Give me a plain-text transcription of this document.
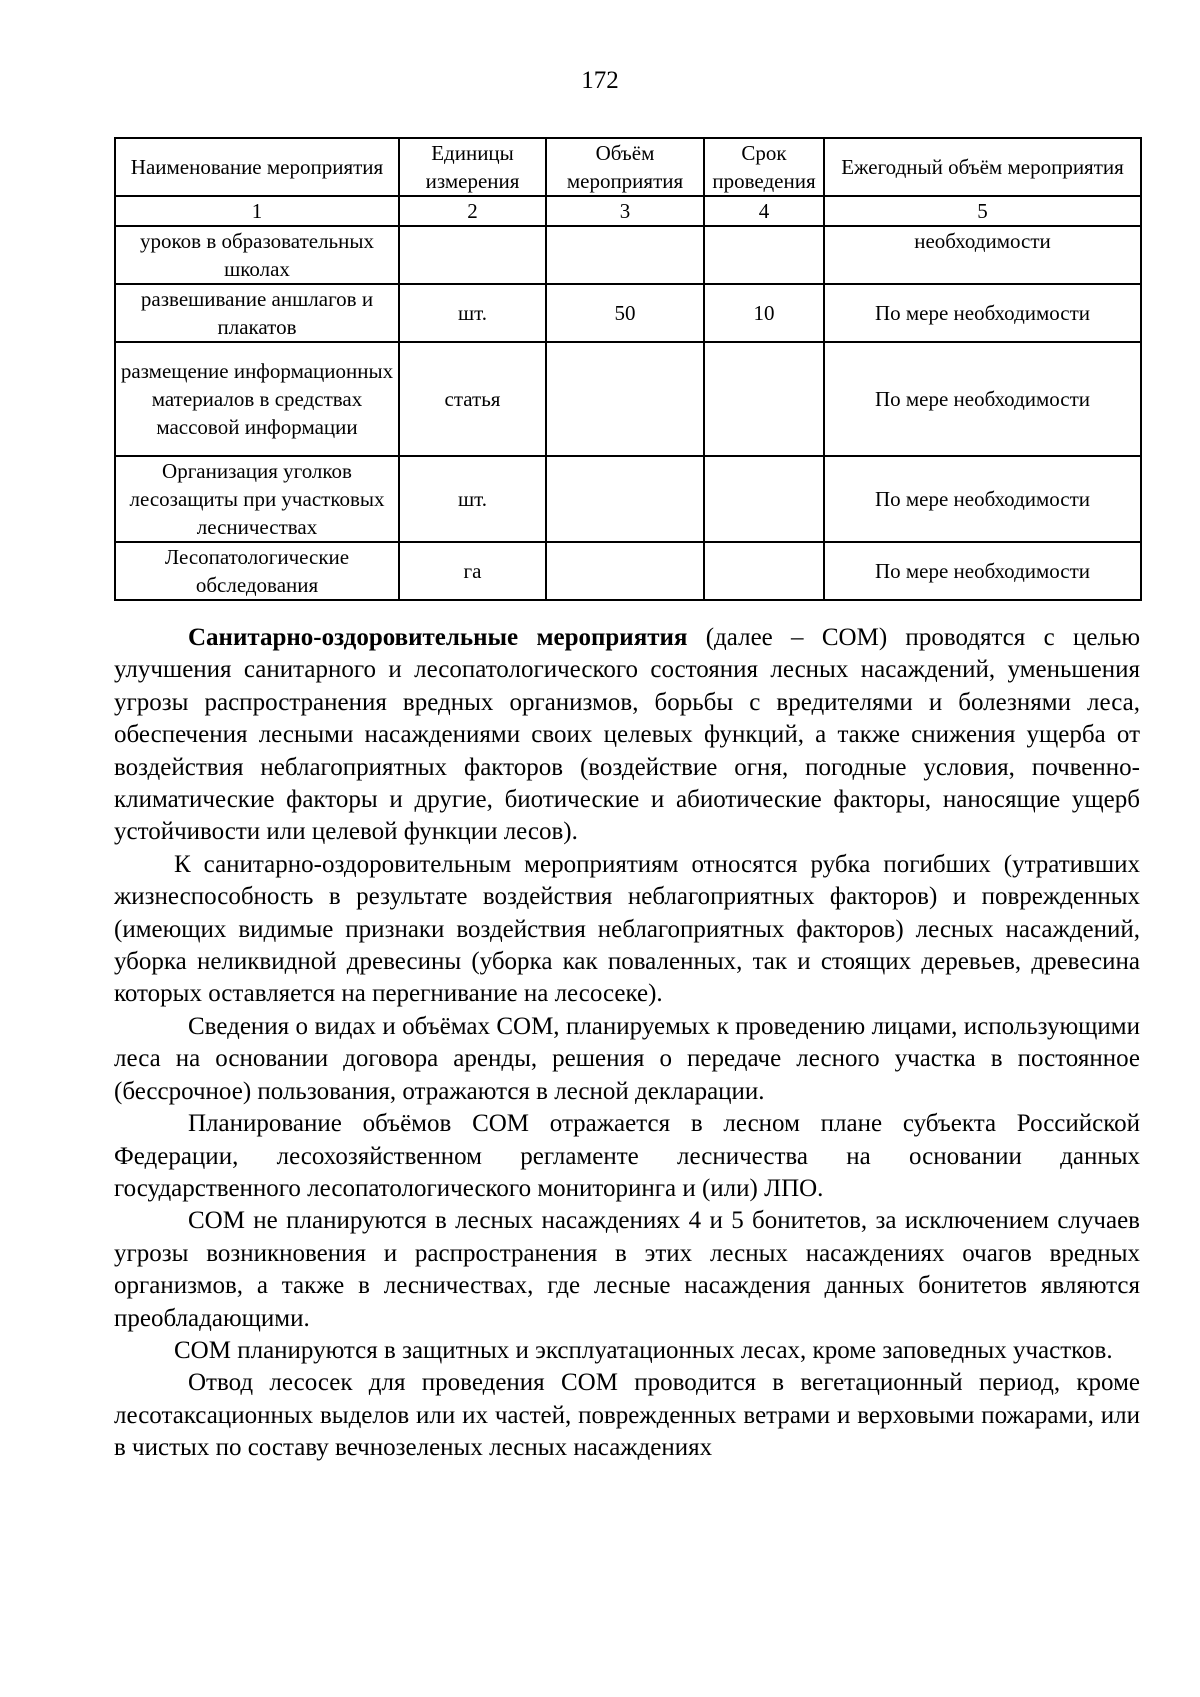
172
Наименование мероприятия	Единицы измерения	Объём мероприятия	Срок проведения	Ежегодный объём мероприятия
1	2	3	4	5
уроков в образовательных школах				необходимости
развешивание аншлагов и плакатов	шт.	50	10	По мере необходимости
размещение информационных материалов в средствах массовой информации	статья			По мере необходимости
Организация уголков лесозащиты при участковых лесничествах	шт.			По мере необходимости
Лесопатологические обследования	га			По мере необходимости

Санитарно-оздоровительные мероприятия (далее – СОМ) проводятся с целью улучшения санитарного и лесопатологического состояния лесных насаждений, уменьшения угрозы распространения вредных организмов, борьбы с вредителями и болезнями леса, обеспечения лесными насаждениями своих целевых функций, а также снижения ущерба от воздействия неблагоприятных факторов (воздействие огня, погодные условия, почвенно-климатические факторы и другие, биотические и абиотические факторы, наносящие ущерб устойчивости или целевой функции лесов).

К санитарно-оздоровительным мероприятиям относятся рубка погибших (утративших жизнеспособность в результате воздействия неблагоприятных факторов) и поврежденных (имеющих видимые признаки воздействия неблагоприятных факторов) лесных насаждений, уборка неликвидной древесины (уборка как поваленных, так и стоящих деревьев, древесина которых оставляется на перегнивание на лесосеке).

Сведения о видах и объёмах СОМ, планируемых к проведению лицами, использующими леса на основании договора аренды, решения о передаче лесного участка в постоянное (бессрочное) пользования, отражаются в лесной декларации.

Планирование объёмов СОМ отражается в лесном плане субъекта Российской Федерации, лесохозяйственном регламенте лесничества на основании данных государственного лесопатологического мониторинга и (или) ЛПО.

СОМ не планируются в лесных насаждениях 4 и 5 бонитетов, за исключением случаев угрозы возникновения и распространения в этих лесных насаждениях очагов вредных организмов, а также в лесничествах, где лесные насаждения данных бонитетов являются преобладающими.

СОМ планируются в защитных и эксплуатационных лесах, кроме заповедных участков.

Отвод лесосек для проведения СОМ проводится в вегетационный период, кроме лесотаксационных выделов или их частей, поврежденных ветрами и верховыми пожарами, или в чистых по составу вечнозеленых лесных насаждениях
